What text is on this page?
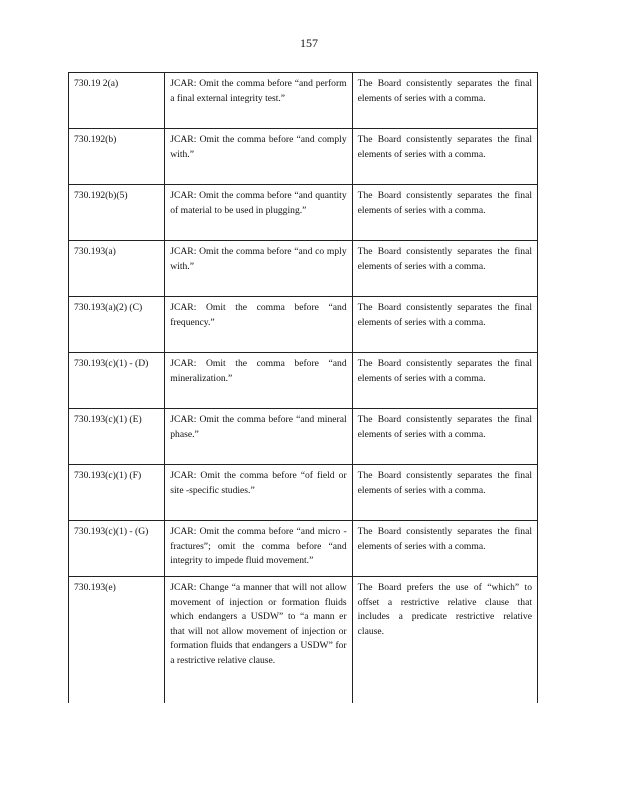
157
730.19 2(a)	JCAR: Omit the comma before “and perform a final external integrity test.”	The Board consistently separates the final elements of series with a comma.
730.192(b)	JCAR: Omit the comma before “and comply with.”	The Board consistently separates the final elements of series with a comma.
730.192(b)(5)	JCAR: Omit the comma before “and quantity of material to be used in plugging.”	The Board consistently separates the final elements of series with a comma.
730.193(a)	JCAR: Omit the comma before “and co mply with.”	The Board consistently separates the final elements of series with a comma.
730.193(a)(2) (C)	JCAR: Omit the comma before “and frequency.”	The Board consistently separates the final elements of series with a comma.
730.193(c)(1) - (D)	JCAR: Omit the comma before “and mineralization.”	The Board consistently separates the final elements of series with a comma.
730.193(c)(1) (E)	JCAR: Omit the comma before “and mineral phase.”	The Board consistently separates the final elements of series with a comma.
730.193(c)(1) (F)	JCAR: Omit the comma before “of field or site -specific studies.”	The Board consistently separates the final elements of series with a comma.
730.193(c)(1) - (G)	JCAR: Omit the comma before “and micro -fractures”; omit the comma before “and integrity to impede fluid movement.”	The Board consistently separates the final elements of series with a comma.
730.193(e)	JCAR: Change “a manner that will not allow movement of injection or formation fluids which endangers a USDW” to “a mann er that will not allow movement of injection or formation fluids that endangers a USDW” for a restrictive relative clause.	The Board prefers the use of “which” to offset a restrictive relative clause that includes a predicate restrictive relative clause.
